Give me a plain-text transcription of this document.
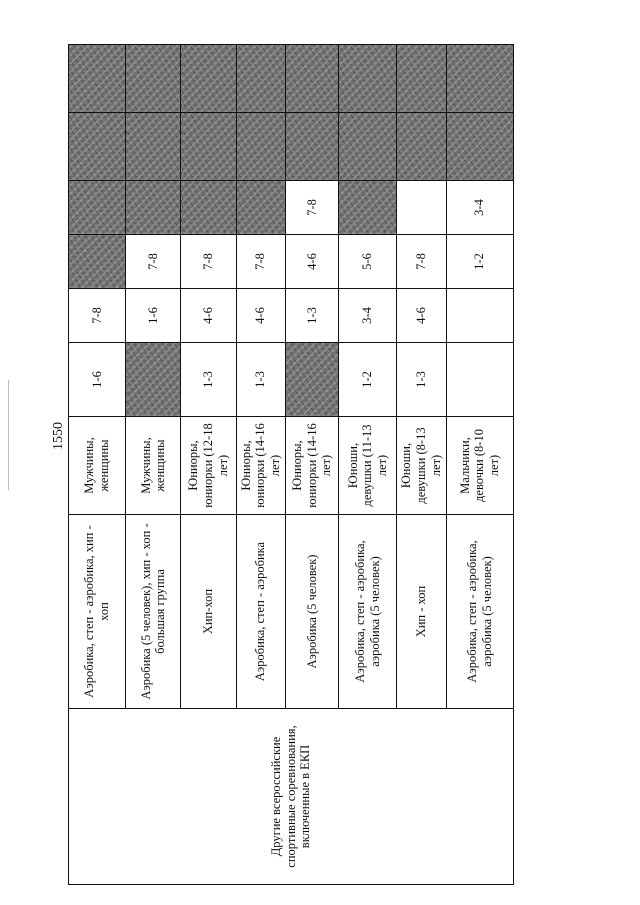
1550
Другие всероссийские спортивные соревнования, включенные в ЕКП	Аэробика, степ - аэробика, хип - хоп	Мужчины, женщины	1-6	7-8				
	Аэробика (5 человек), хип - хоп - большая группа	Мужчины, женщины		1-6	7-8			
	Хип-хоп	Юниоры, юниорки (12-18 лет)	1-3	4-6	7-8			
	Аэробика, степ - аэробика	Юниоры, юниорки (14-16 лет)	1-3	4-6	7-8			
	Аэробика (5 человек)	Юниоры, юниорки (14-16 лет)		1-3	4-6	7-8		
	Аэробика, степ - аэробика, аэробика (5 человек)	Юноши, девушки (11-13 лет)	1-2	3-4	5-6			
	Хип - хоп	Юноши, девушки (8-13 лет)	1-3	4-6	7-8			
	Аэробика, степ - аэробика, аэробика (5 человек)	Мальчики, девочки (8-10 лет)			1-2	3-4		
